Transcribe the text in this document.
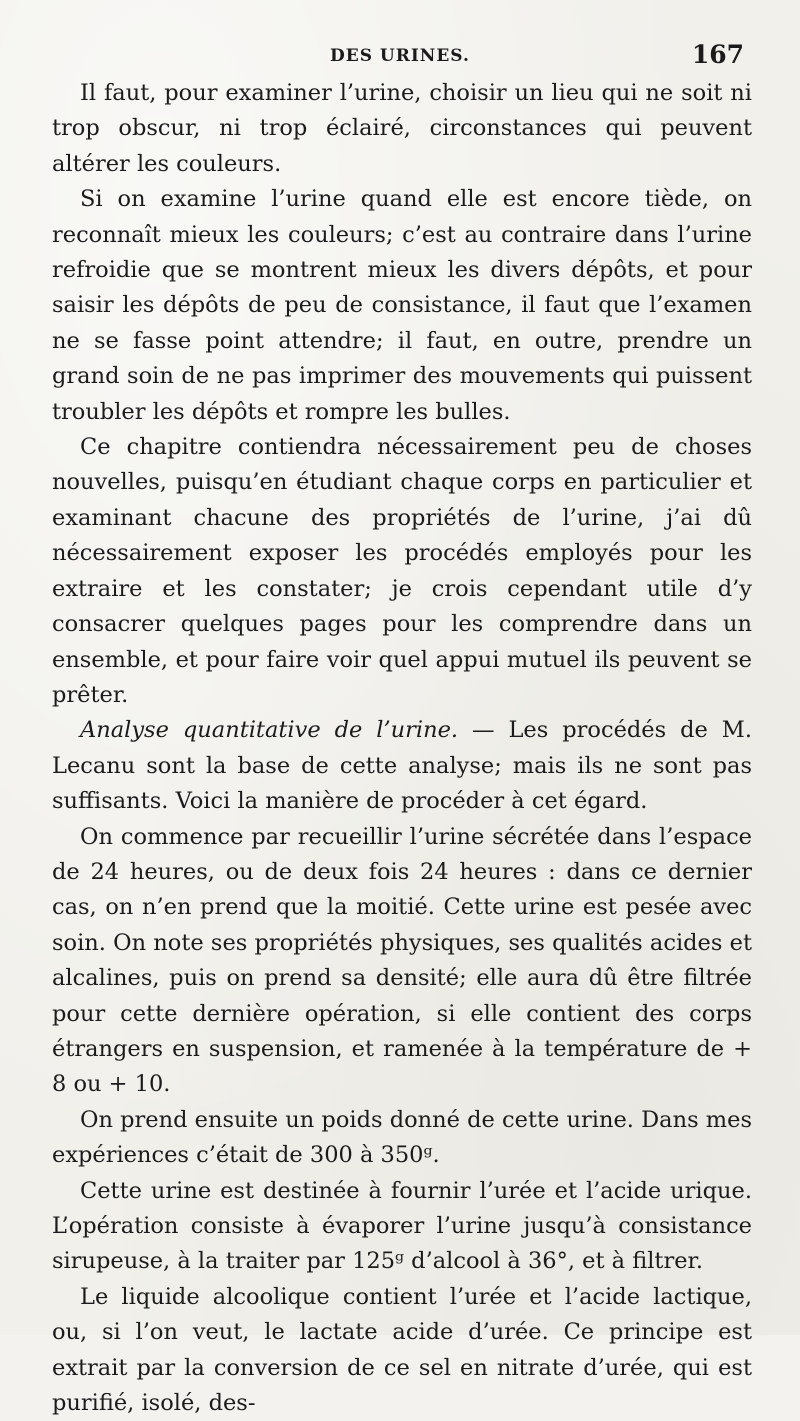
DES URINES.	167

Il faut, pour examiner l’urine, choisir un lieu qui ne soit ni trop obscur, ni trop éclairé, circonstances qui peuvent altérer les couleurs.

Si on examine l’urine quand elle est encore tiède, on reconnaît mieux les couleurs; c’est au contraire dans l’urine refroidie que se montrent mieux les divers dépôts, et pour saisir les dépôts de peu de consistance, il faut que l’examen ne se fasse point attendre; il faut, en outre, prendre un grand soin de ne pas imprimer des mouvements qui puissent troubler les dépôts et rompre les bulles.

Ce chapitre contiendra nécessairement peu de choses nouvelles, puisqu’en étudiant chaque corps en particulier et examinant chacune des propriétés de l’urine, j’ai dû nécessairement exposer les procédés employés pour les extraire et les constater; je crois cependant utile d’y consacrer quelques pages pour les comprendre dans un ensemble, et pour faire voir quel appui mutuel ils peuvent se prêter.

Analyse quantitative de l’urine. — Les procédés de M. Lecanu sont la base de cette analyse; mais ils ne sont pas suffisants. Voici la manière de procéder à cet égard.

On commence par recueillir l’urine sécrétée dans l’espace de 24 heures, ou de deux fois 24 heures : dans ce dernier cas, on n’en prend que la moitié. Cette urine est pesée avec soin. On note ses propriétés physiques, ses qualités acides et alcalines, puis on prend sa densité; elle aura dû être filtrée pour cette dernière opération, si elle contient des corps étrangers en suspension, et ramenée à la température de + 8 ou + 10.

On prend ensuite un poids donné de cette urine. Dans mes expériences c’était de 300 à 350ᵍ.

Cette urine est destinée à fournir l’urée et l’acide urique. L’opération consiste à évaporer l’urine jusqu’à consistance sirupeuse, à la traiter par 125ᵍ d’alcool à 36°, et à filtrer.

Le liquide alcoolique contient l’urée et l’acide lactique, ou, si l’on veut, le lactate acide d’urée. Ce principe est extrait par la conversion de ce sel en nitrate d’urée, qui est purifié, isolé, des-
